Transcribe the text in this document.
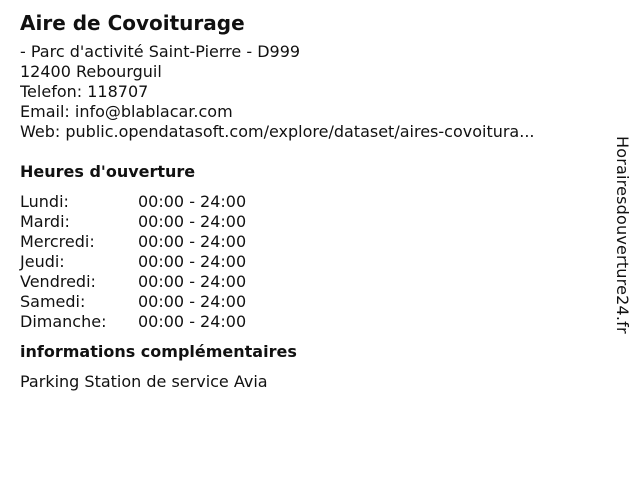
Aire de Covoiturage
- Parc d'activité Saint-Pierre - D999
12400 Rebourguil
Telefon: 118707
Email: info@blablacar.com
Web: public.opendatasoft.com/explore/dataset/aires-covoitura...
Heures d'ouverture
Lundi:	00:00 - 24:00
Mardi:	00:00 - 24:00
Mercredi:	00:00 - 24:00
Jeudi:	00:00 - 24:00
Vendredi:	00:00 - 24:00
Samedi:	00:00 - 24:00
Dimanche:	00:00 - 24:00
informations complémentaires
Parking Station de service Avia
Horairesdouverture24.fr
